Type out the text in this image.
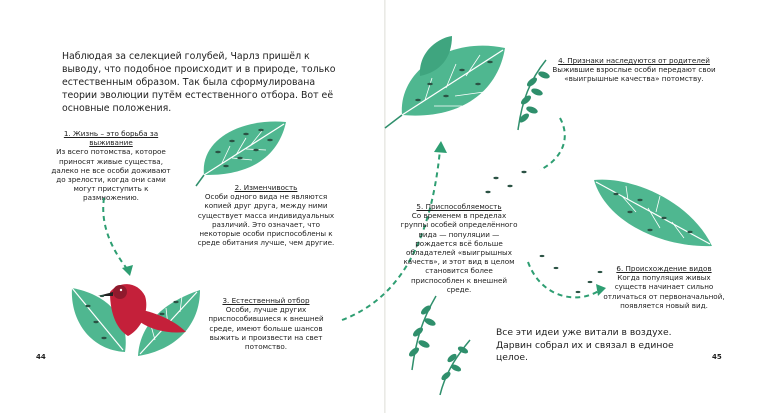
Наблюдая за селекцией голубей, Чарлз пришёл к выводу, что подобное происходит и в природе, только естественным образом. Так была сформулирована теории эволюции путём естественного отбора. Вот её основные положения.
1. Жизнь – это борьба за выживание
Из всего потомства, которое приносят живые существа, далеко не все особи доживают до зрелости, когда они сами могут приступить к размножению.
2. Изменчивость
Особи одного вида не являются копией друг друга, между ними существует масса индивидуальных различий. Это означает, что некоторые особи приспособлены к среде обитания лучше, чем другие.
3. Естественный отбор
Особи, лучше других приспособившиеся к внешней среде, имеют больше шансов выжить и произвести на свет потомство.
4. Признаки наследуются от родителей
Выжившие взрослые особи передают свои «выигрышные качества» потомству.
5. Приспособляемость
Со временем в пределах группы особей определённого вида — популяции — рождается всё больше обладателей «выигрышных качеств», и этот вид в целом становится более приспособлен к внешней среде.
6. Происхождение видов
Когда популяция живых существ начинает сильно отличаться от первоначальной, появляется новый вид.
Все эти идеи уже витали в воздухе. Дарвин собрал их и связал в единое целое.
44	45
